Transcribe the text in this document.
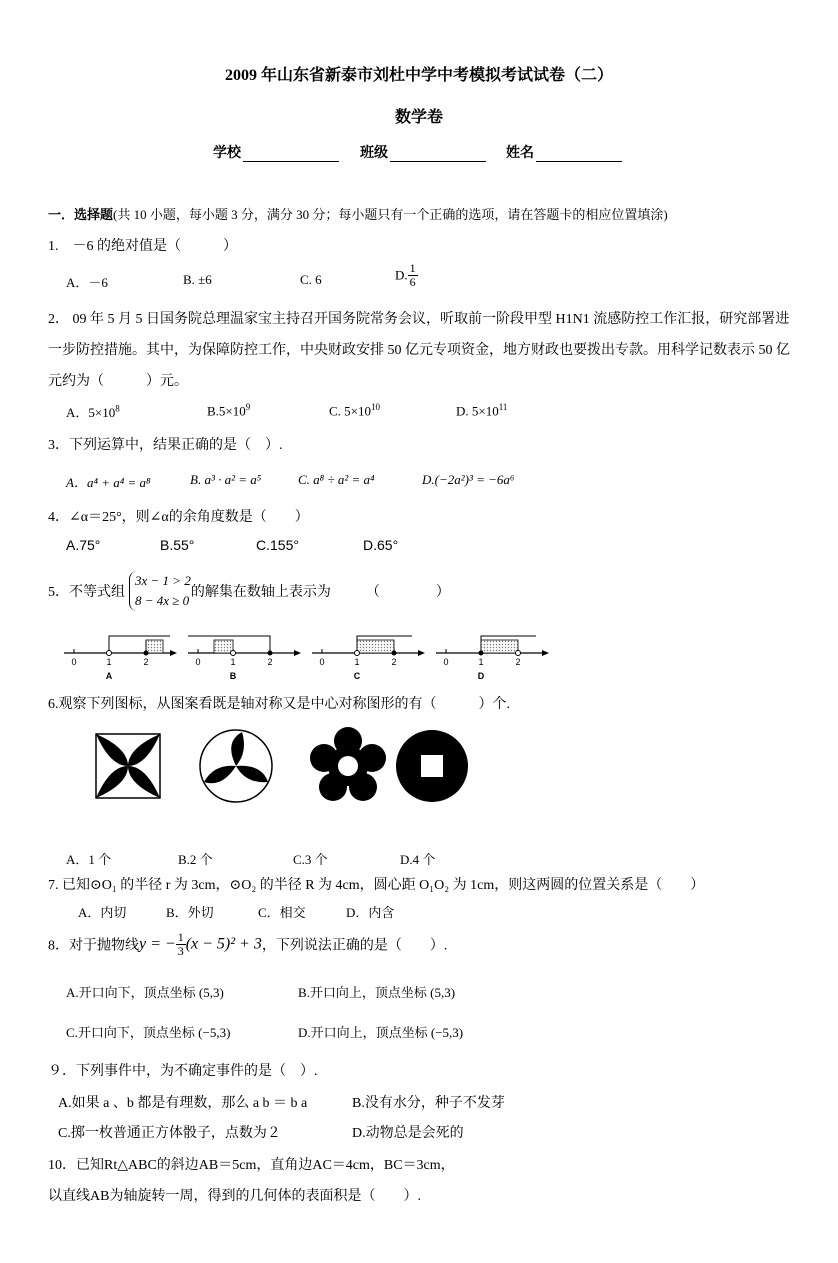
2009 年山东省新泰市刘杜中学中考模拟考试试卷（二）
数学卷
学校	班级	姓名
一．选择题(共 10 小题，每小题 3 分，满分 30 分；每小题只有一个正确的选项，请在答题卡的相应位置填涂)
1.　－6 的绝对值是（　　　）
A．－6	B. ±6	C. 6	D. $\frac{1}{6}$
2． 09 年 5 月 5 日国务院总理温家宝主持召开国务院常务会议，听取前一阶段甲型 H1N1 流感防控工作汇报，研究部署进
一步防控措施。其中，为保障防控工作，中央财政安排 50 亿元专项资金，地方财政也要拨出专款。用科学记数表示 50 亿
元约为（　　　）元。
A．$5\times 10^8$	$B.5\times 10^9$	C. $5\times 10^{10}$	D. $5\times 10^{11}$
3．下列运算中，结果正确的是（　）.
A．a⁴ + a⁴ = a⁸	B. a³ · a² = a⁵	C. a⁸ ÷ a² = a⁴	D.(−2a²)³ = −6a⁶
4．∠α＝25°，则∠α的余角度数是（　　）
A.75°	B.55°	C.155°	D.65°
5．不等式组3x − 1 > 2
8 − 4x ≥ 0的解集在数轴上表示为　　　（　　　　）
0	1	2
A
0	1	2
B
0	1	2
C
0	1	2
D
6.观察下列图标，从图案看既是轴对称又是中心对称图形的有（　　　）个.
A．1 个	B.2 个	C.3 个	D.4 个
7. 已知⊙O₁ 的半径 r 为 3cm，⊙O₂ 的半径 R 为 4cm，圆心距 O₁O₂ 为 1cm，则这两圆的位置关系是（　　）
A．内切	B．外切	C．相交	D．内含
8．对于抛物线y = − $\frac{1}{3} (x - 5)^2 + 3$，下列说法正确的是（　　）.
A.开口向下，顶点坐标 (5,3)	B.开口向上，顶点坐标 (5,3)
C.开口向下，顶点坐标 (−5,3)	D.开口向上，顶点坐标 (−5,3)
９．下列事件中，为不确定事件的是（　）.
A.如果 a 、b 都是有理数，那么 a b ＝ b a	B.没有水分，种子不发芽
C.掷一枚普通正方体骰子，点数为２	D.动物总是会死的
10．已知Rt△ABC的斜边AB＝5cm，直角边AC＝4cm，BC＝3cm，
以直线AB为轴旋转一周，得到的几何体的表面积是（　　）.
